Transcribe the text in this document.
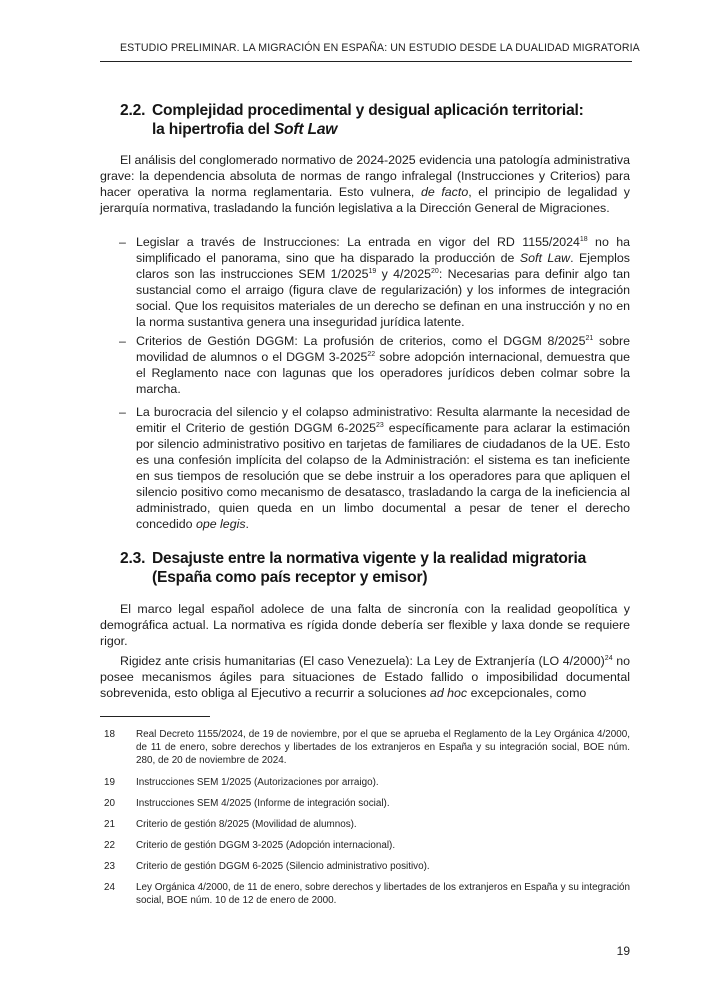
ESTUDIO PRELIMINAR. LA MIGRACIÓN EN ESPAÑA: UN ESTUDIO DESDE LA DUALIDAD MIGRATORIA
2.2. Complejidad procedimental y desigual aplicación territorial:
la hipertrofia del Soft Law

El análisis del conglomerado normativo de 2024-2025 evidencia una patología administrativa grave: la dependencia absoluta de normas de rango infralegal (Instrucciones y Criterios) para hacer operativa la norma reglamentaria. Esto vulnera, de facto, el principio de legalidad y jerarquía normativa, trasladando la función legislativa a la Dirección General de Migraciones.

– Legislar a través de Instrucciones: La entrada en vigor del RD 1155/2024$^{18}$ no ha simplificado el panorama, sino que ha disparado la producción de Soft Law. Ejemplos claros son las instrucciones SEM 1/2025$^{19}$ y 4/2025$^{20}$: Necesarias para definir algo tan sustancial como el arraigo (figura clave de regularización) y los informes de integración social. Que los requisitos materiales de un derecho se definan en una instrucción y no en la norma sustantiva genera una inseguridad jurídica latente.
– Criterios de Gestión DGGM: La profusión de criterios, como el DGGM 8/2025$^{21}$ sobre movilidad de alumnos o el DGGM 3-2025$^{22}$ sobre adopción internacional, demuestra que el Reglamento nace con lagunas que los operadores jurídicos deben colmar sobre la marcha.
– La burocracia del silencio y el colapso administrativo: Resulta alarmante la necesidad de emitir el Criterio de gestión DGGM 6-2025$^{23}$ específicamente para aclarar la estimación por silencio administrativo positivo en tarjetas de familiares de ciudadanos de la UE. Esto es una confesión implícita del colapso de la Administración: el sistema es tan ineficiente en sus tiempos de resolución que se debe instruir a los operadores para que apliquen el silencio positivo como mecanismo de desatasco, trasladando la carga de la ineficiencia al administrado, quien queda en un limbo documental a pesar de tener el derecho concedido ope legis.
2.3. Desajuste entre la normativa vigente y la realidad migratoria
(España como país receptor y emisor)

El marco legal español adolece de una falta de sincronía con la realidad geopolítica y demográfica actual. La normativa es rígida donde debería ser flexible y laxa donde se requiere rigor.

Rigidez ante crisis humanitarias (El caso Venezuela): La Ley de Extranjería (LO 4/2000)$^{24}$ no posee mecanismos ágiles para situaciones de Estado fallido o imposibilidad documental sobrevenida, esto obliga al Ejecutivo a recurrir a soluciones ad hoc excepcionales, como

18 Real Decreto 1155/2024, de 19 de noviembre, por el que se aprueba el Reglamento de la Ley Orgánica 4/2000, de 11 de enero, sobre derechos y libertades de los extranjeros en España y su integración social, BOE núm. 280, de 20 de noviembre de 2024.
19 Instrucciones SEM 1/2025 (Autorizaciones por arraigo).
20 Instrucciones SEM 4/2025 (Informe de integración social).
21 Criterio de gestión 8/2025 (Movilidad de alumnos).
22 Criterio de gestión DGGM 3-2025 (Adopción internacional).
23 Criterio de gestión DGGM 6-2025 (Silencio administrativo positivo).
24 Ley Orgánica 4/2000, de 11 de enero, sobre derechos y libertades de los extranjeros en España y su integración social, BOE núm. 10 de 12 de enero de 2000.
19
